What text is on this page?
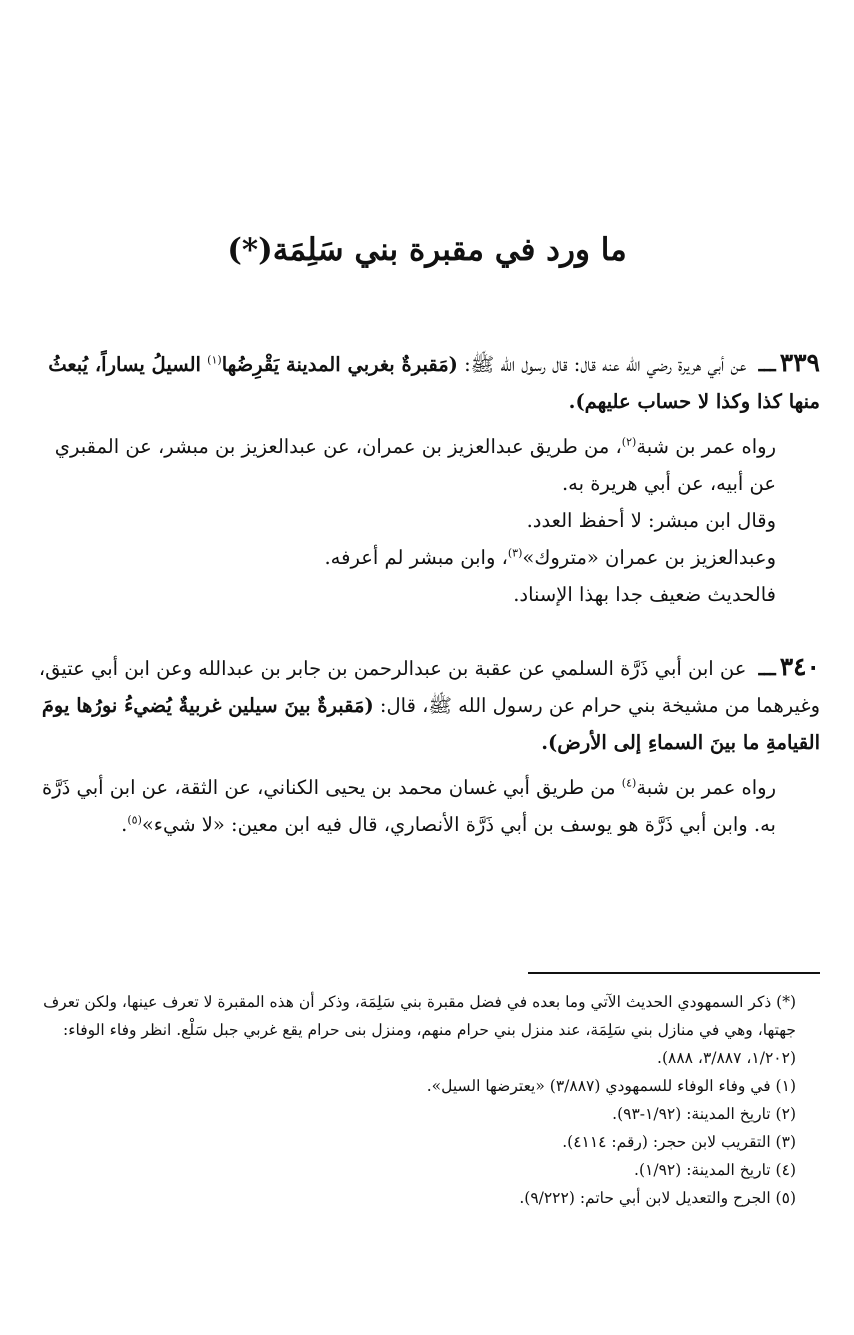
ما ورد في مقبرة بني سَلِمَة(*)

٣٣٩ـــ عن أبي هريرة رضي الله عنه قال: قال رسول الله ﷺ: (مَقبرةٌ بغربي المدينة يَقْرِضُها$^{(١)}$ السيلُ يساراً، يُبعثُ منها كذا وكذا لا حساب عليهم).

رواه عمر بن شبة$^{(٢)}$، من طريق عبدالعزيز بن عمران، عن عبدالعزيز بن مبشر، عن المقبري عن أبيه، عن أبي هريرة به.

وقال ابن مبشر: لا أحفظ العدد.

وعبدالعزيز بن عمران «متروك»$^{(٣)}$، وابن مبشر لم أعرفه.

فالحديث ضعيف جدا بهذا الإسناد.

٣٤٠ـــ عن ابن أبي ذَرَّة السلمي عن عقبة بن عبدالرحمن بن جابر بن عبدالله وعن ابن أبي عتيق، وغيرهما من مشيخة بني حرام عن رسول الله ﷺ، قال: (مَقبرةٌ بينَ سيلين غربيةٌ يُضيءُ نورُها يومَ القيامةِ ما بينَ السماءِ إلى الأرض).

رواه عمر بن شبة$^{(٤)}$ من طريق أبي غسان محمد بن يحيى الكناني، عن الثقة، عن ابن أبي ذَرَّة به. وابن أبي ذَرَّة هو يوسف بن أبي ذَرَّة الأنصاري، قال فيه ابن معين: «لا شيء»$^{(٥)}$.

(*) ذكر السمهودي الحديث الآتي وما بعده في فضل مقبرة بني سَلِمَة، وذكر أن هذه المقبرة لا تعرف عينها، ولكن تعرف جهتها، وهي في منازل بني سَلِمَة، عند منزل بني حرام منهم، ومنزل بنى حرام يقع غربي جبل سَلْع. انظر وفاء الوفاء: (١/٢٠٢، ٣/٨٨٧، ٨٨٨).

(١) في وفاء الوفاء للسمهودي (٣/٨٨٧) «يعترضها السيل».

(٢) تاريخ المدينة: (١/٩٢-٩٣).

(٣) التقريب لابن حجر: (رقم: ٤١١٤).

(٤) تاريخ المدينة: (١/٩٢).

(٥) الجرح والتعديل لابن أبي حاتم: (٩/٢٢٢).
